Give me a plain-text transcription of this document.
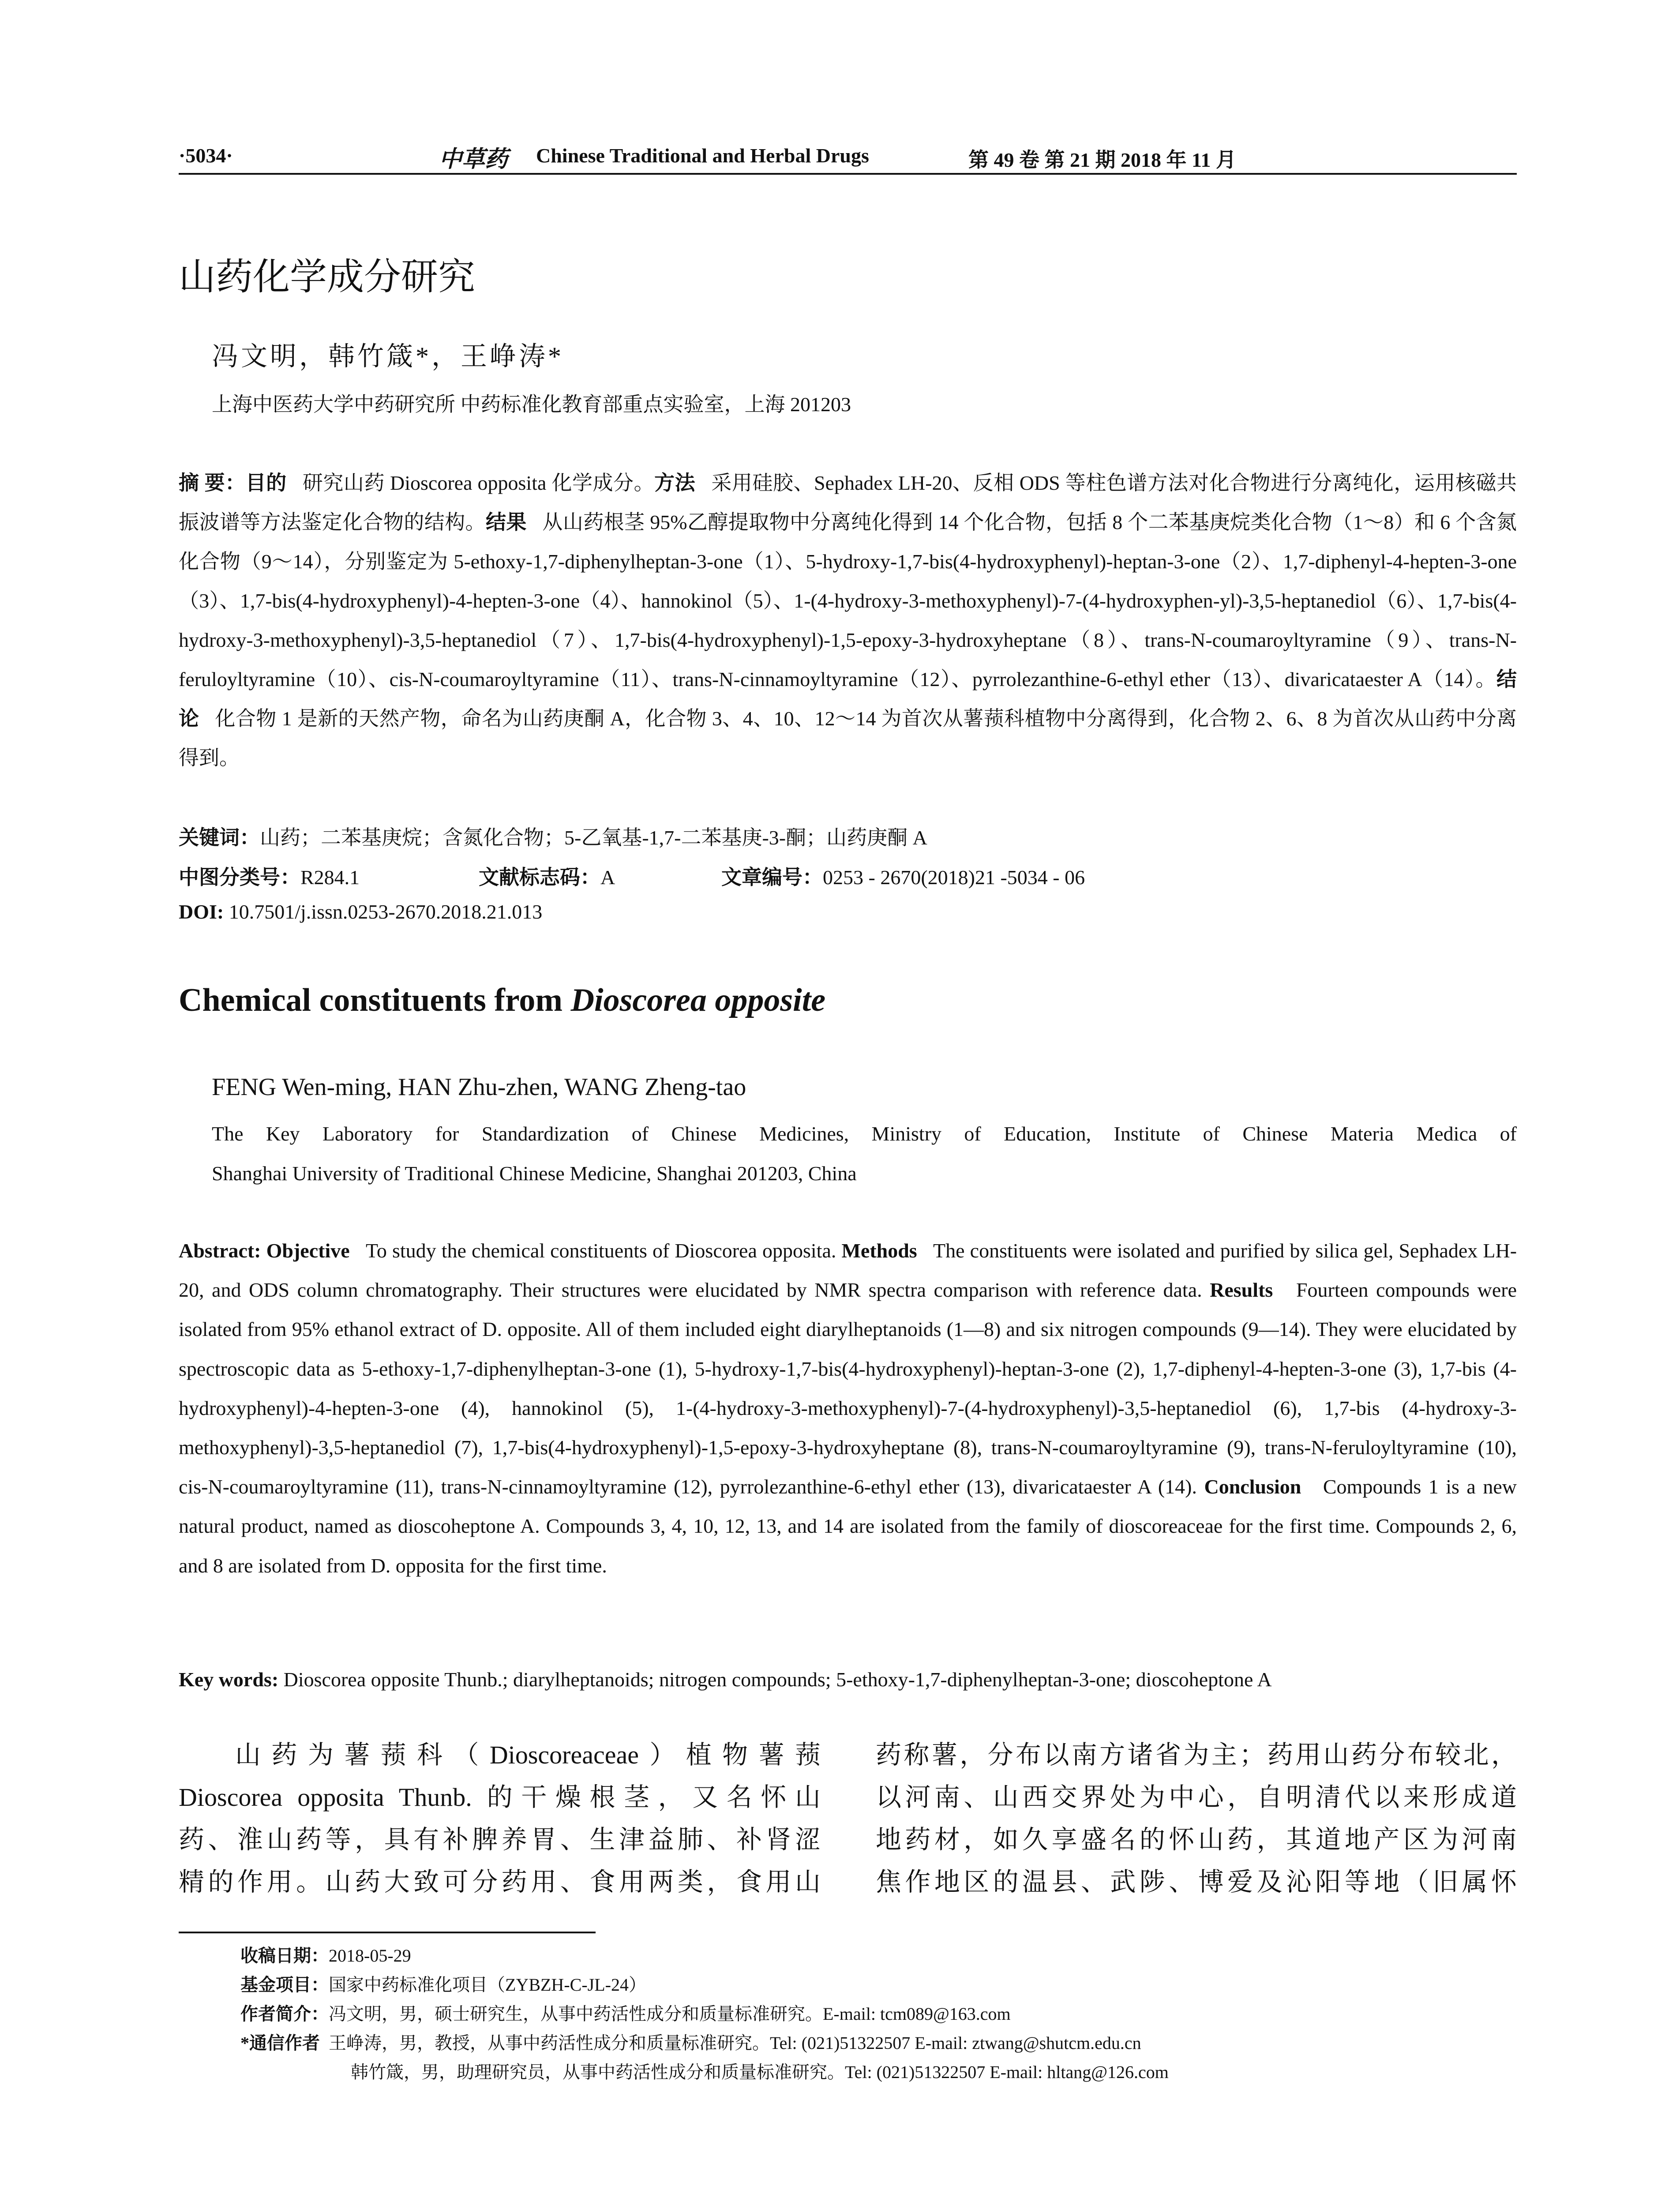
·5034·	中草药 Chinese Traditional and Herbal Drugs	第 49 卷 第 21 期 2018 年 11 月
山药化学成分研究
冯文明，韩竹箴*，王峥涛*
上海中医药大学中药研究所 中药标准化教育部重点实验室，上海 201203
摘 要：目的 研究山药 Dioscorea opposita 化学成分。方法 采用硅胶、Sephadex LH-20、反相 ODS 等柱色谱方法对化合物进行分离纯化，运用核磁共振波谱等方法鉴定化合物的结构。结果 从山药根茎 95%乙醇提取物中分离纯化得到 14 个化合物，包括 8 个二苯基庚烷类化合物（1～8）和 6 个含氮化合物（9～14），分别鉴定为 5-ethoxy-1,7-diphenylheptan-3-one（1）、5-hydroxy-1,7-bis(4-hydroxyphenyl)-heptan-3-one（2）、1,7-diphenyl-4-hepten-3-one（3）、1,7-bis(4-hydroxyphenyl)-4-hepten-3-one（4）、hannokinol（5）、1-(4-hydroxy-3-methoxyphenyl)-7-(4-hydroxyphen-yl)-3,5-heptanediol（6）、1,7-bis(4-hydroxy-3-methoxyphenyl)-3,5-heptanediol（7）、1,7-bis(4-hydroxyphenyl)-1,5-epoxy-3-hydroxyheptane（8）、trans-N-coumaroyltyramine（9）、trans-N-feruloyltyramine（10）、cis-N-coumaroyltyramine（11）、trans-N-cinnamoyltyramine（12）、pyrrolezanthine-6-ethyl ether（13）、divaricataester A（14）。结论 化合物 1 是新的天然产物，命名为山药庚酮 A，化合物 3、4、10、12～14 为首次从薯蓣科植物中分离得到，化合物 2、6、8 为首次从山药中分离得到。
关键词：山药；二苯基庚烷；含氮化合物；5-乙氧基-1,7-二苯基庚-3-酮；山药庚酮 A
中图分类号：R284.1	文献标志码：A	文章编号：0253 - 2670(2018)21 -5034 - 06
DOI: 10.7501/j.issn.0253-2670.2018.21.013
Chemical constituents from Dioscorea opposite
FENG Wen-ming, HAN Zhu-zhen, WANG Zheng-tao
The Key Laboratory for Standardization of Chinese Medicines, Ministry of Education, Institute of Chinese Materia Medica of
Shanghai University of Traditional Chinese Medicine, Shanghai 201203, China
Abstract: Objective To study the chemical constituents of Dioscorea opposita. Methods The constituents were isolated and purified by silica gel, Sephadex LH-20, and ODS column chromatography. Their structures were elucidated by NMR spectra comparison with reference data. Results Fourteen compounds were isolated from 95% ethanol extract of D. opposite. All of them included eight diarylheptanoids (1—8) and six nitrogen compounds (9—14). They were elucidated by spectroscopic data as 5-ethoxy-1,7-diphenylheptan-3-one (1), 5-hydroxy-1,7-bis(4-hydroxyphenyl)-heptan-3-one (2), 1,7-diphenyl-4-hepten-3-one (3), 1,7-bis (4-hydroxyphenyl)-4-hepten-3-one (4), hannokinol (5), 1-(4-hydroxy-3-methoxyphenyl)-7-(4-hydroxyphenyl)-3,5-heptanediol (6), 1,7-bis (4-hydroxy-3-methoxyphenyl)-3,5-heptanediol (7), 1,7-bis(4-hydroxyphenyl)-1,5-epoxy-3-hydroxyheptane (8), trans-N-coumaroyltyramine (9), trans-N-feruloyltyramine (10), cis-N-coumaroyltyramine (11), trans-N-cinnamoyltyramine (12), pyrrolezanthine-6-ethyl ether (13), divaricataester A (14). Conclusion Compounds 1 is a new natural product, named as dioscoheptone A. Compounds 3, 4, 10, 12, 13, and 14 are isolated from the family of dioscoreaceae for the first time. Compounds 2, 6, and 8 are isolated from D. opposita for the first time.
Key words: Dioscorea opposite Thunb.; diarylheptanoids; nitrogen compounds; 5-ethoxy-1,7-diphenylheptan-3-one; dioscoheptone A
山药为薯蓣科（Dioscoreaceae）植物薯蓣
Dioscorea opposita Thunb. 的干燥根茎，又名怀山
药、淮山药等，具有补脾养胃、生津益肺、补肾涩
精的作用。山药大致可分药用、食用两类，食用山
药称薯，分布以南方诸省为主；药用山药分布较北，
以河南、山西交界处为中心，自明清代以来形成道
地药材，如久享盛名的怀山药，其道地产区为河南
焦作地区的温县、武陟、博爱及沁阳等地（旧属怀
收稿日期：2018-05-29
基金项目：国家中药标准化项目（ZYBZH-C-JL-24）
作者简介：冯文明，男，硕士研究生，从事中药活性成分和质量标准研究。E-mail: tcm089@163.com
*通信作者 王峥涛，男，教授，从事中药活性成分和质量标准研究。Tel: (021)51322507 E-mail: ztwang@shutcm.edu.cn
韩竹箴，男，助理研究员，从事中药活性成分和质量标准研究。Tel: (021)51322507 E-mail: hltang@126.com
